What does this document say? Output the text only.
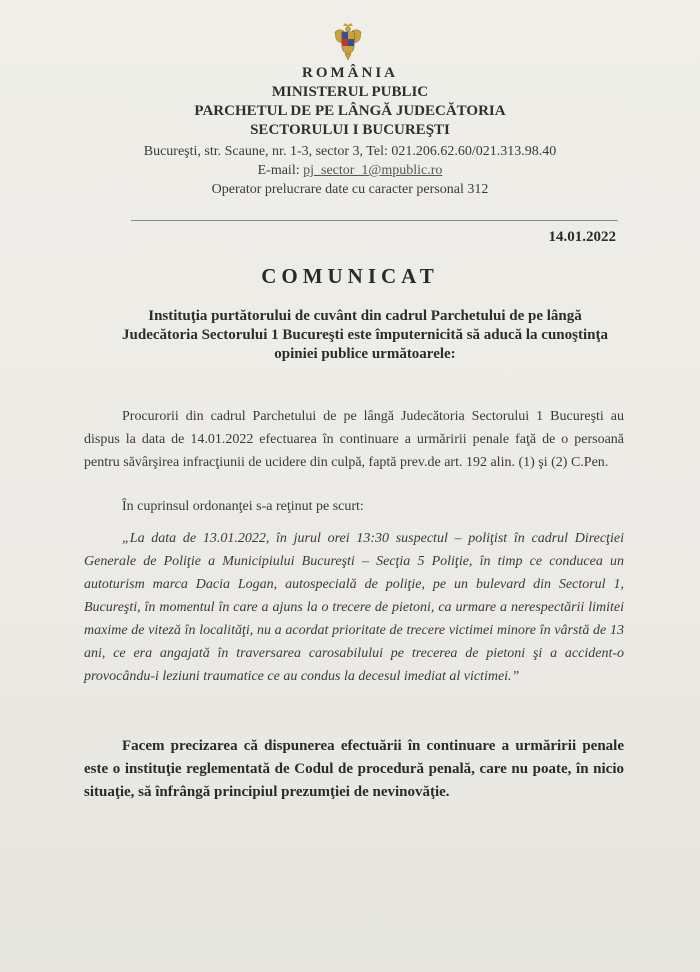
ROMÂNIA
MINISTERUL PUBLIC
PARCHETUL DE PE LÂNGĂ JUDECĂTORIA
SECTORULUI I BUCUREŞTI
Bucureşti, str. Scaune, nr. 1-3, sector 3, Tel: 021.206.62.60/021.313.98.40
E-mail: pj_sector_1@mpublic.ro
Operator prelucrare date cu caracter personal 312
14.01.2022
COMUNICAT
Instituţia purtătorului de cuvânt din cadrul Parchetului de pe lângă Judecătoria Sectorului 1 Bucureşti este împuternicită să aducă la cunoştinţa opiniei publice următoarele:
Procurorii din cadrul Parchetului de pe lângă Judecătoria Sectorului 1 Bucureşti au dispus la data de 14.01.2022 efectuarea în continuare a urmăririi penale faţă de o persoană pentru săvârşirea infracţiunii de ucidere din culpă, faptă prev.de art. 192 alin. (1) şi (2) C.Pen.
În cuprinsul ordonanţei s-a reţinut pe scurt:
„La data de 13.01.2022, în jurul orei 13:30 suspectul – poliţist în cadrul Direcţiei Generale de Poliţie a Municipiului Bucureşti – Secţia 5 Poliţie, în timp ce conducea un autoturism marca Dacia Logan, autospecială de poliţie, pe un bulevard din Sectorul 1, Bucureşti, în momentul în care a ajuns la o trecere de pietoni, ca urmare a nerespectării limitei maxime de viteză în localităţi, nu a acordat prioritate de trecere victimei minore în vârstă de 13 ani, ce era angajată în traversarea carosabilului pe trecerea de pietoni şi a accident-o provocându-i leziuni traumatice ce au condus la decesul imediat al victimei.”
Facem precizarea că dispunerea efectuării în continuare a urmăririi penale este o instituţie reglementată de Codul de procedură penală, care nu poate, în nicio situaţie, să înfrângă principiul prezumţiei de nevinovăţie.
